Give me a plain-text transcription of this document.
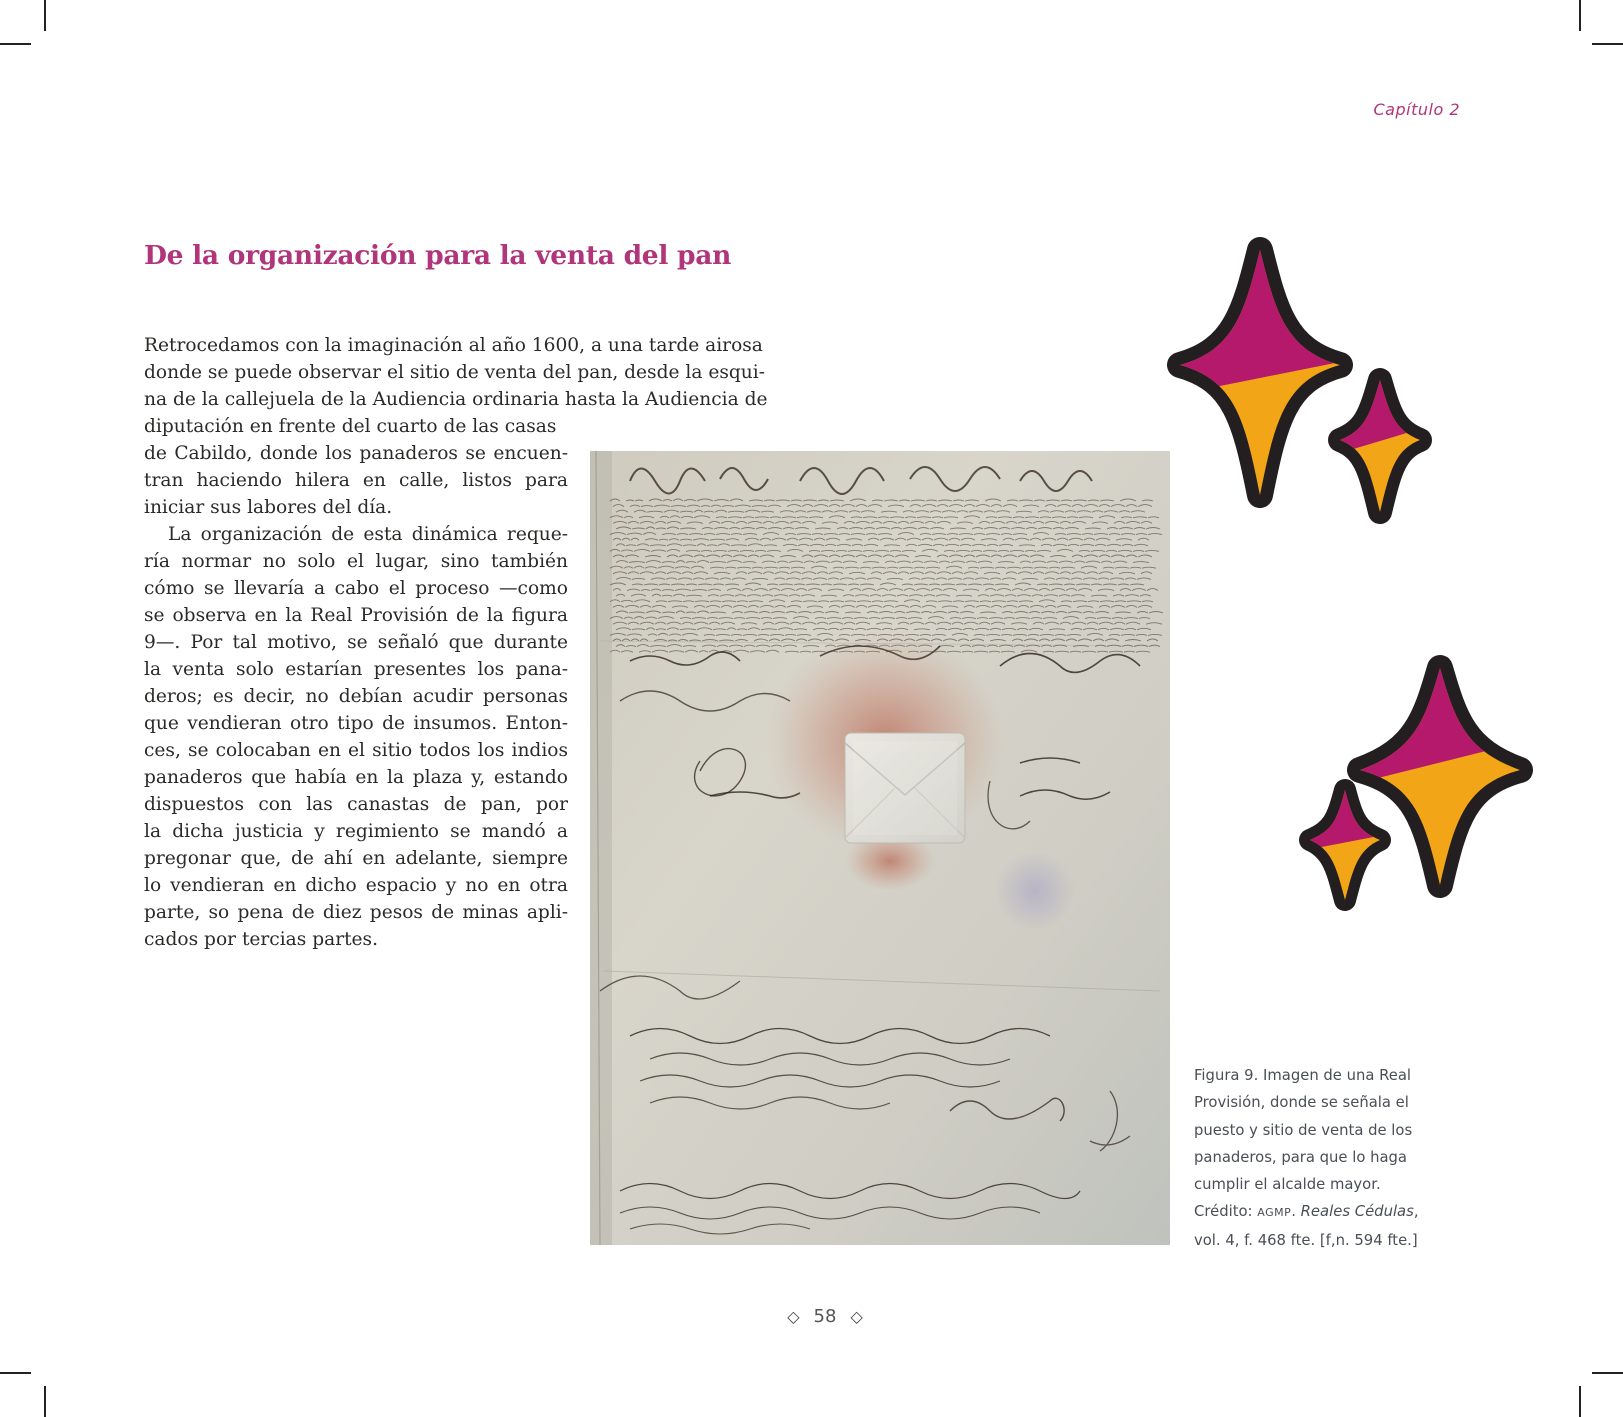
Capítulo 2
De la organización para la venta del pan
Retrocedamos con la imaginación al año 1600, a una tarde airosa
donde se puede observar el sitio de venta del pan, desde la esqui-
na de la callejuela de la Audiencia ordinaria hasta la Audiencia de
diputación en frente del cuarto de las casas
de Cabildo, donde los panaderos se encuen-
tran haciendo hilera en calle, listos para
iniciar sus labores del día.
La organización de esta dinámica reque-
ría normar no solo el lugar, sino también
cómo se llevaría a cabo el proceso —como
se observa en la Real Provisión de la figura
9—. Por tal motivo, se señaló que durante
la venta solo estarían presentes los pana-
deros; es decir, no debían acudir personas
que vendieran otro tipo de insumos. Enton-
ces, se colocaban en el sitio todos los indios
panaderos que había en la plaza y, estando
dispuestos con las canastas de pan, por
la dicha justicia y regimiento se mandó a
pregonar que, de ahí en adelante, siempre
lo vendieran en dicho espacio y no en otra
parte, so pena de diez pesos de minas apli-
cados por tercias partes.
Figura 9. Imagen de una Real
Provisión, donde se señala el
puesto y sitio de venta de los
panaderos, para que lo haga
cumplir el alcalde mayor.
Crédito: AGMP. Reales Cédulas,
vol. 4, f. 468 fte. [f,n. 594 fte.]
◇ 58 ◇
